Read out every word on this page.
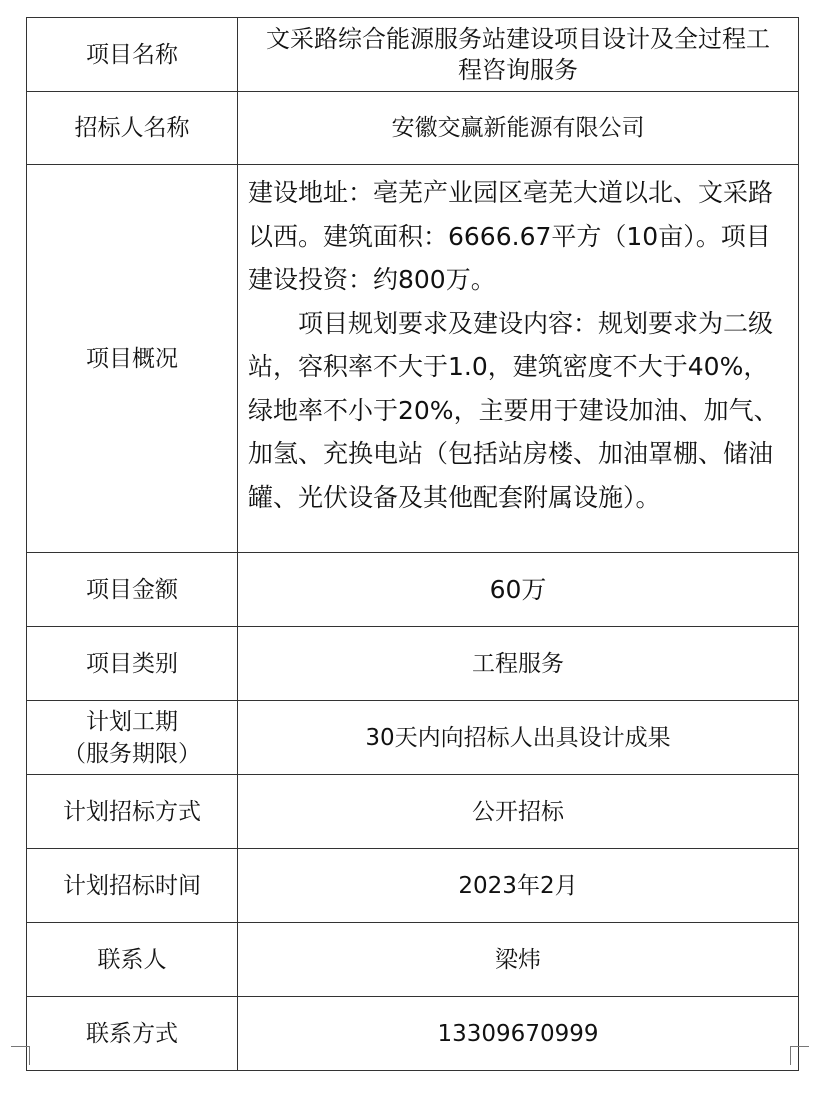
项目名称	文采路综合能源服务站建设项目设计及全过程工
程咨询服务
招标人名称	安徽交赢新能源有限公司
项目概况	建设地址：亳芜产业园区亳芜大道以北、文采路以西。建筑面积：6666.67平方（10亩）。项目建设投资：约800万。

项目规划要求及建设内容：规划要求为二级站，容积率不大于1.0，建筑密度不大于40%，绿地率不小于20%，主要用于建设加油、加气、加氢、充换电站（包括站房楼、加油罩棚、储油罐、光伏设备及其他配套附属设施）。

项目金额	60万
项目类别	工程服务
计划工期
（服务期限）	30天内向招标人出具设计成果
计划招标方式	公开招标
计划招标时间	2023年2月
联系人	梁炜
联系方式	13309670999
